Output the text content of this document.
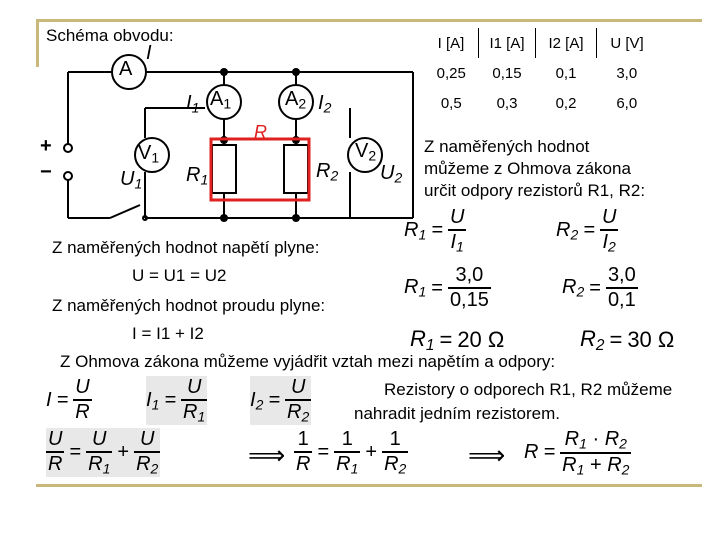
Schéma obvodu:
A
I
$I_1$ $A_1$	$A_2$ $I_2$
R
+
−
$V_1$
$U_1$ $R_1$	$R_2$
$V_2$
$U_2$
I [A]	I1 [A]	I2 [A]	U [V]
0,25	0,15	0,1	3,0
0,5	0,3	0,2	6,0
Z naměřených hodnot
můžeme z Ohmova zákona
určit odpory rezistorů R1, R2:
$R_1 = \frac{U}{I_1}$	$R_2 = \frac{U}{I_2}$
$R_1 = \frac{3,0}{0,15}$	$R_2 = \frac{3,0}{0,1}$
$R_1 = 20$ Ω	$R_2 = 30$ Ω
Z naměřených hodnot napětí plyne:
U = U1 = U2
Z naměřených hodnot proudu plyne:
I = I1 + I2
Z Ohmova zákona můžeme vyjádřit vztah mezi napětím a odpory:
$I = \frac{U}{R}$	$I_1 = \frac{U}{R_1} I_2 = \frac{U}{R_2}$	Rezistory o odporech R1, R2 můžeme
nahradit jedním rezistorem.
$\frac{U}{R} = \frac{U}{R_1} + \frac{U}{R_2}$	⟹ $\frac{1}{R} = \frac{1}{R_1} + \frac{1}{R_2}$ ⟹ $R = \frac{R_1 \cdot R_2}{R_1 + R_2}$
